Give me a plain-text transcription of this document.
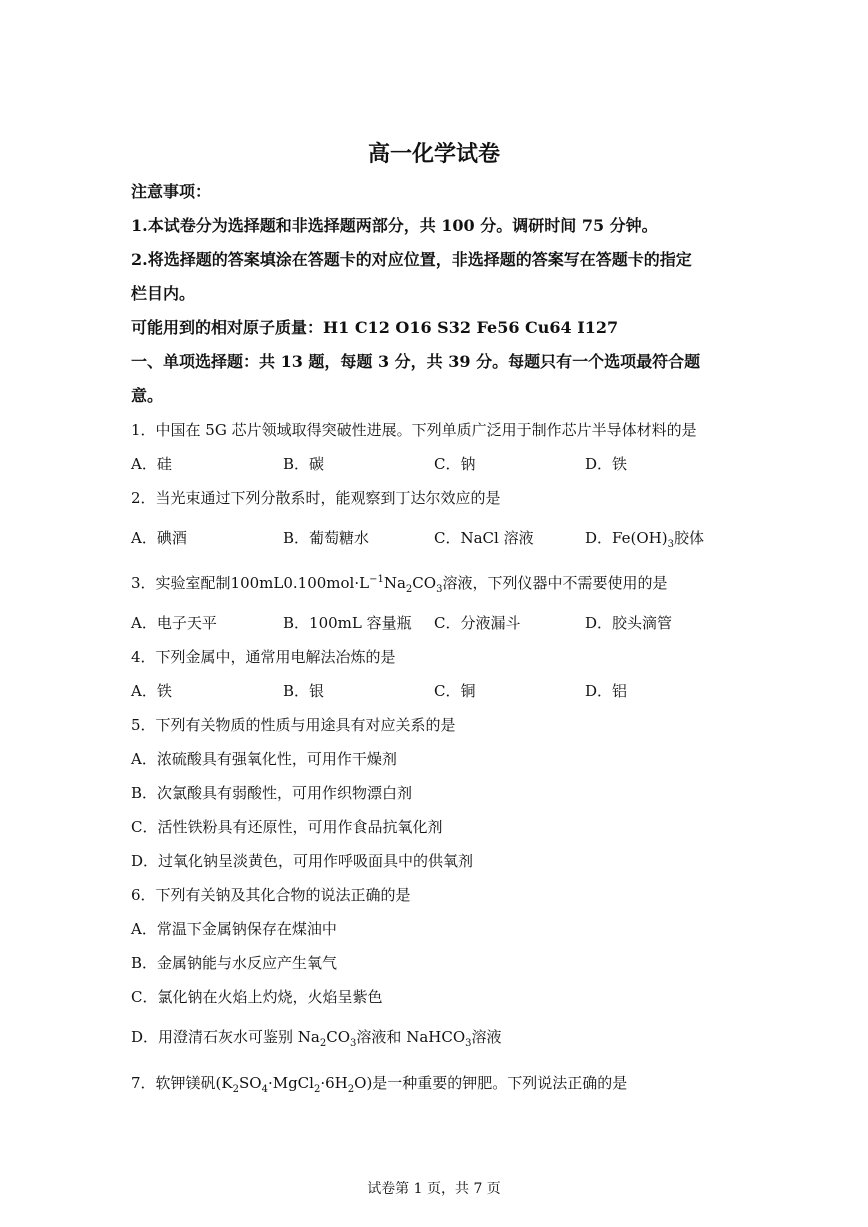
高一化学试卷
注意事项：
1.本试卷分为选择题和非选择题两部分，共 100 分。调研时间 75 分钟。
2.将选择题的答案填涂在答题卡的对应位置，非选择题的答案写在答题卡的指定
栏目内。
可能用到的相对原子质量：H1 C12 O16 S32 Fe56 Cu64 I127
一、单项选择题：共 13 题，每题 3 分，共 39 分。每题只有一个选项最符合题
意。
1．中国在 5G 芯片领域取得突破性进展。下列单质广泛用于制作芯片半导体材料的是
A．硅	B．碳	C．钠	D．铁
2．当光束通过下列分散系时，能观察到丁达尔效应的是
A．碘酒	B．葡萄糖水	C．NaCl 溶液	D．$Fe(OH)_3$胶体
3．实验室配制$100mL0.100mol\cdot L^{-1}Na_2CO_3$溶液，下列仪器中不需要使用的是
A．电子天平	B．100mL 容量瓶 C．分液漏斗	D．胶头滴管
4．下列金属中，通常用电解法冶炼的是
A．铁	B．银	C．铜	D．铝
5．下列有关物质的性质与用途具有对应关系的是
A．浓硫酸具有强氧化性，可用作干燥剂
B．次氯酸具有弱酸性，可用作织物漂白剂
C．活性铁粉具有还原性，可用作食品抗氧化剂
D．过氧化钠呈淡黄色，可用作呼吸面具中的供氧剂
6．下列有关钠及其化合物的说法正确的是
A．常温下金属钠保存在煤油中
B．金属钠能与水反应产生氧气
C．氯化钠在火焰上灼烧，火焰呈紫色
D．用澄清石灰水可鉴别 $Na_2CO_3$溶液和 NaHCO$_3$溶液
7．软钾镁矾$(K_2SO_4\cdot MgCl_2\cdot 6H_2O)$是一种重要的钾肥。下列说法正确的是
试卷第 1 页，共 7 页
